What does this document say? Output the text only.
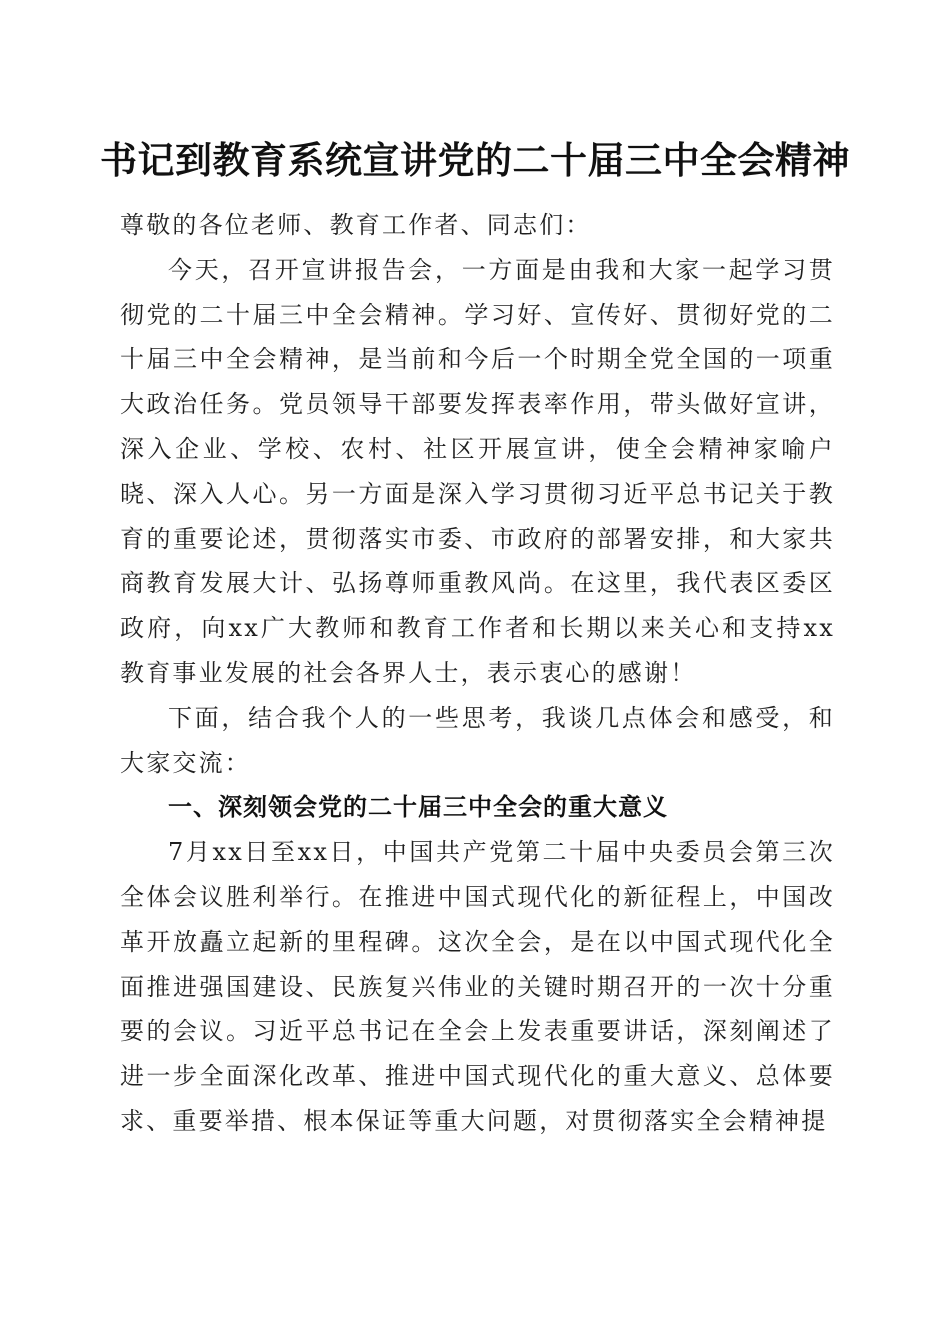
书记到教育系统宣讲党的二十届三中全会精神

尊敬的各位老师、教育工作者、同志们：

今天，召开宣讲报告会，一方面是由我和大家一起学习贯彻党的二十届三中全会精神。学习好、宣传好、贯彻好党的二十届三中全会精神，是当前和今后一个时期全党全国的一项重大政治任务。党员领导干部要发挥表率作用，带头做好宣讲，深入企业、学校、农村、社区开展宣讲，使全会精神家喻户晓、深入人心。另一方面是深入学习贯彻习近平总书记关于教育的重要论述，贯彻落实市委、市政府的部署安排，和大家共商教育发展大计、弘扬尊师重教风尚。在这里，我代表区委区政府，向xx广大教师和教育工作者和长期以来关心和支持xx教育事业发展的社会各界人士，表示衷心的感谢！

下面，结合我个人的一些思考，我谈几点体会和感受，和大家交流：

一、深刻领会党的二十届三中全会的重大意义

7月xx日至xx日，中国共产党第二十届中央委员会第三次全体会议胜利举行。在推进中国式现代化的新征程上，中国改革开放矗立起新的里程碑。这次全会，是在以中国式现代化全面推进强国建设、民族复兴伟业的关键时期召开的一次十分重要的会议。习近平总书记在全会上发表重要讲话，深刻阐述了进一步全面深化改革、推进中国式现代化的重大意义、总体要求、重要举措、根本保证等重大问题，对贯彻落实全会精神提
